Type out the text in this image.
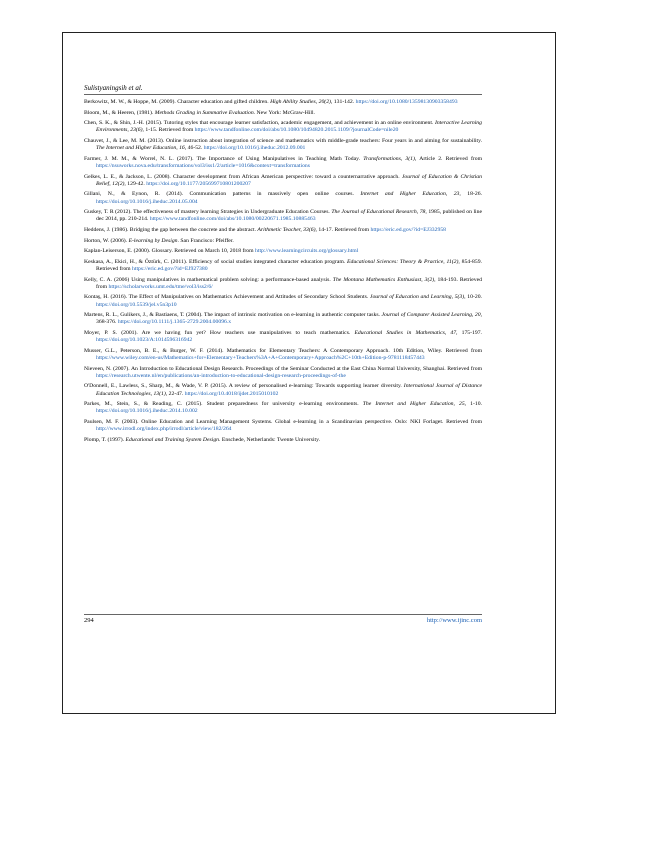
Sulistyaningsih et al.

Berkowitz, M. W., & Hoppe, M. (2009). Character education and gifted children. High Ability Studies, 20(2), 131-142. https://doi.org/10.1080/13598130903358493

Bloom, M., & Heeren, (1981). Methods Grading in Summative Evaluation. New York: McGraw-Hill.

Chen, S. K., & Shin, J.-H. (2015). Tutoring styles that encourage learner satisfaction, academic engagement, and achievement in an online environment. Interactive Learning Environments, 23(6), 1-15. Retrieved from https://www.tandfonline.com/doi/abs/10.1080/10494820.2015.1109/?journalCode=nile20

Chauvet, J., & Lee, M. M. (2013). Online instruction about integration of science and mathematics with middle-grade teachers: Four years in and aiming for sustainability. The Internet and Higher Education, 16, 46-52. https://doi.org/10.1016/j.iheduc.2012.09.001

Farmer, J. M. M., & Worrel, N. L. (2017). The Importance of Using Manipulatives in Teaching Math Today. Transformations, 3(1), Article 2. Retrieved from https://nsuworks.nova.edu/transformations/vol3/iss1/2/article=1016&context=transformations

Gelkes, L. E., & Jackson, L. (2008). Character development from African American perspective: toward a counternarrative approach. Journal of Education & Christian Belief, 12(2), 129-42. https://doi.org/10.1177/205699710801200207

Gillani, N., & Eynon, R. (2014). Communication patterns in massively open online courses. Internet and Higher Education, 23, 18-26. https://doi.org/10.1016/j.iheduc.2014.05.004

Guskey, T. R (2012). The effectiveness of mastery learning Strategies in Undergraduate Education Courses. The Journal of Educational Research, 78, 1985, published on line dec 2014, pp. 210-214. https://www.tandfonline.com/doi/abs/10.1080/00220671.1985.10885463

Heddens, J. (1986). Bridging the gap between the concrete and the abstract. Arithmetic Teacher, 33(6), 14-17. Retrieved from https://eric.ed.gov/?id=EJ332958

Horton, W. (2006). E-learning by Design. San Francisco: Pfeiffer.

Kaplan-Leiserson, E. (2000). Glossary. Retrieved on March 10, 2018 from http://www.learningcircuits.org/glossary.html

Keskasa, A., Ekici, H., & Öztürk, C. (2011). Efficiency of social studies integrated character education program. Educational Sciences: Theory & Practice, 11(2), 854-859. Retrieved from https://eric.ed.gov/?id=EJ927380

Kelly, C. A. (2006) Using manipulatives in mathematical problem solving: a performance-based analysis. The Montana Mathematics Enthusiast, 3(2), 184-193. Retrieved from https://scholarworks.umt.edu/tme/vol3/iss2/6/

Kontaş, H. (2016). The Effect of Manipulatives on Mathematics Achievement and Attitudes of Secondary School Students. Journal of Education and Learning, 5(3), 10-20. https://doi.org/10.5539/jel.v5n3p10

Martens, R. L., Gulikers, J., & Bastiaens, T. (2004). The impact of intrinsic motivation on e-learning in authentic computer tasks. Journal of Computer Assisted Learning, 20, 368-376. https://doi.org/10.1111/j.1365-2729.2004.00096.x

Moyer, P. S. (2001). Are we having fun yet? How teachers use manipulatives to teach mathematics. Educational Studies in Mathematics, 47, 175-197. https://doi.org/10.1023/A:1014596316942

Musser, G.L., Peterson, B. E., & Burger, W. F. (2014). Mathematics for Elementary Teachers: A Contemporary Approach. 10th Edition, Wiley. Retrieved from https://www.wiley.com/en-us/Mathematics+for+Elementary+Teachers%3A+A+Contemporary+Approach%2C+10th+Edition-p-9781118457443

Nieveen, N. (2007). An Introduction to Educational Design Research. Proceedings of the Seminar Conducted at the East China Normal University, Shanghai. Retrieved from https://research.utwente.nl/en/publications/an-introduction-to-educational-design-research-proceedings-of-the

O'Donnell, E., Lawless, S., Sharp, M., & Wade, V. P. (2015). A review of personalised e-learning: Towards supporting learner diversity. International Journal of Distance Education Technologies, 13(1), 22-47. https://doi.org/10.4018/ijdet.2015010102

Parkes, M., Stein, S., & Reading, C. (2015). Student preparedness for university e-learning environments. The Internet and Higher Education, 25, 1-10. https://doi.org/10.1016/j.iheduc.2014.10.002

Paulsen, M. F. (2003). Online Education and Learning Management Systems. Global e-learning in a Scandinavian perspective. Oslo: NKI Forlaget. Retrieved from http://www.irrodl.org/index.php/irrodl/article/view/182/264

Plomp, T. (1997). Educational and Training System Design. Enschede, Netherlands: Twente University.

294	http://www.ijinc.com
